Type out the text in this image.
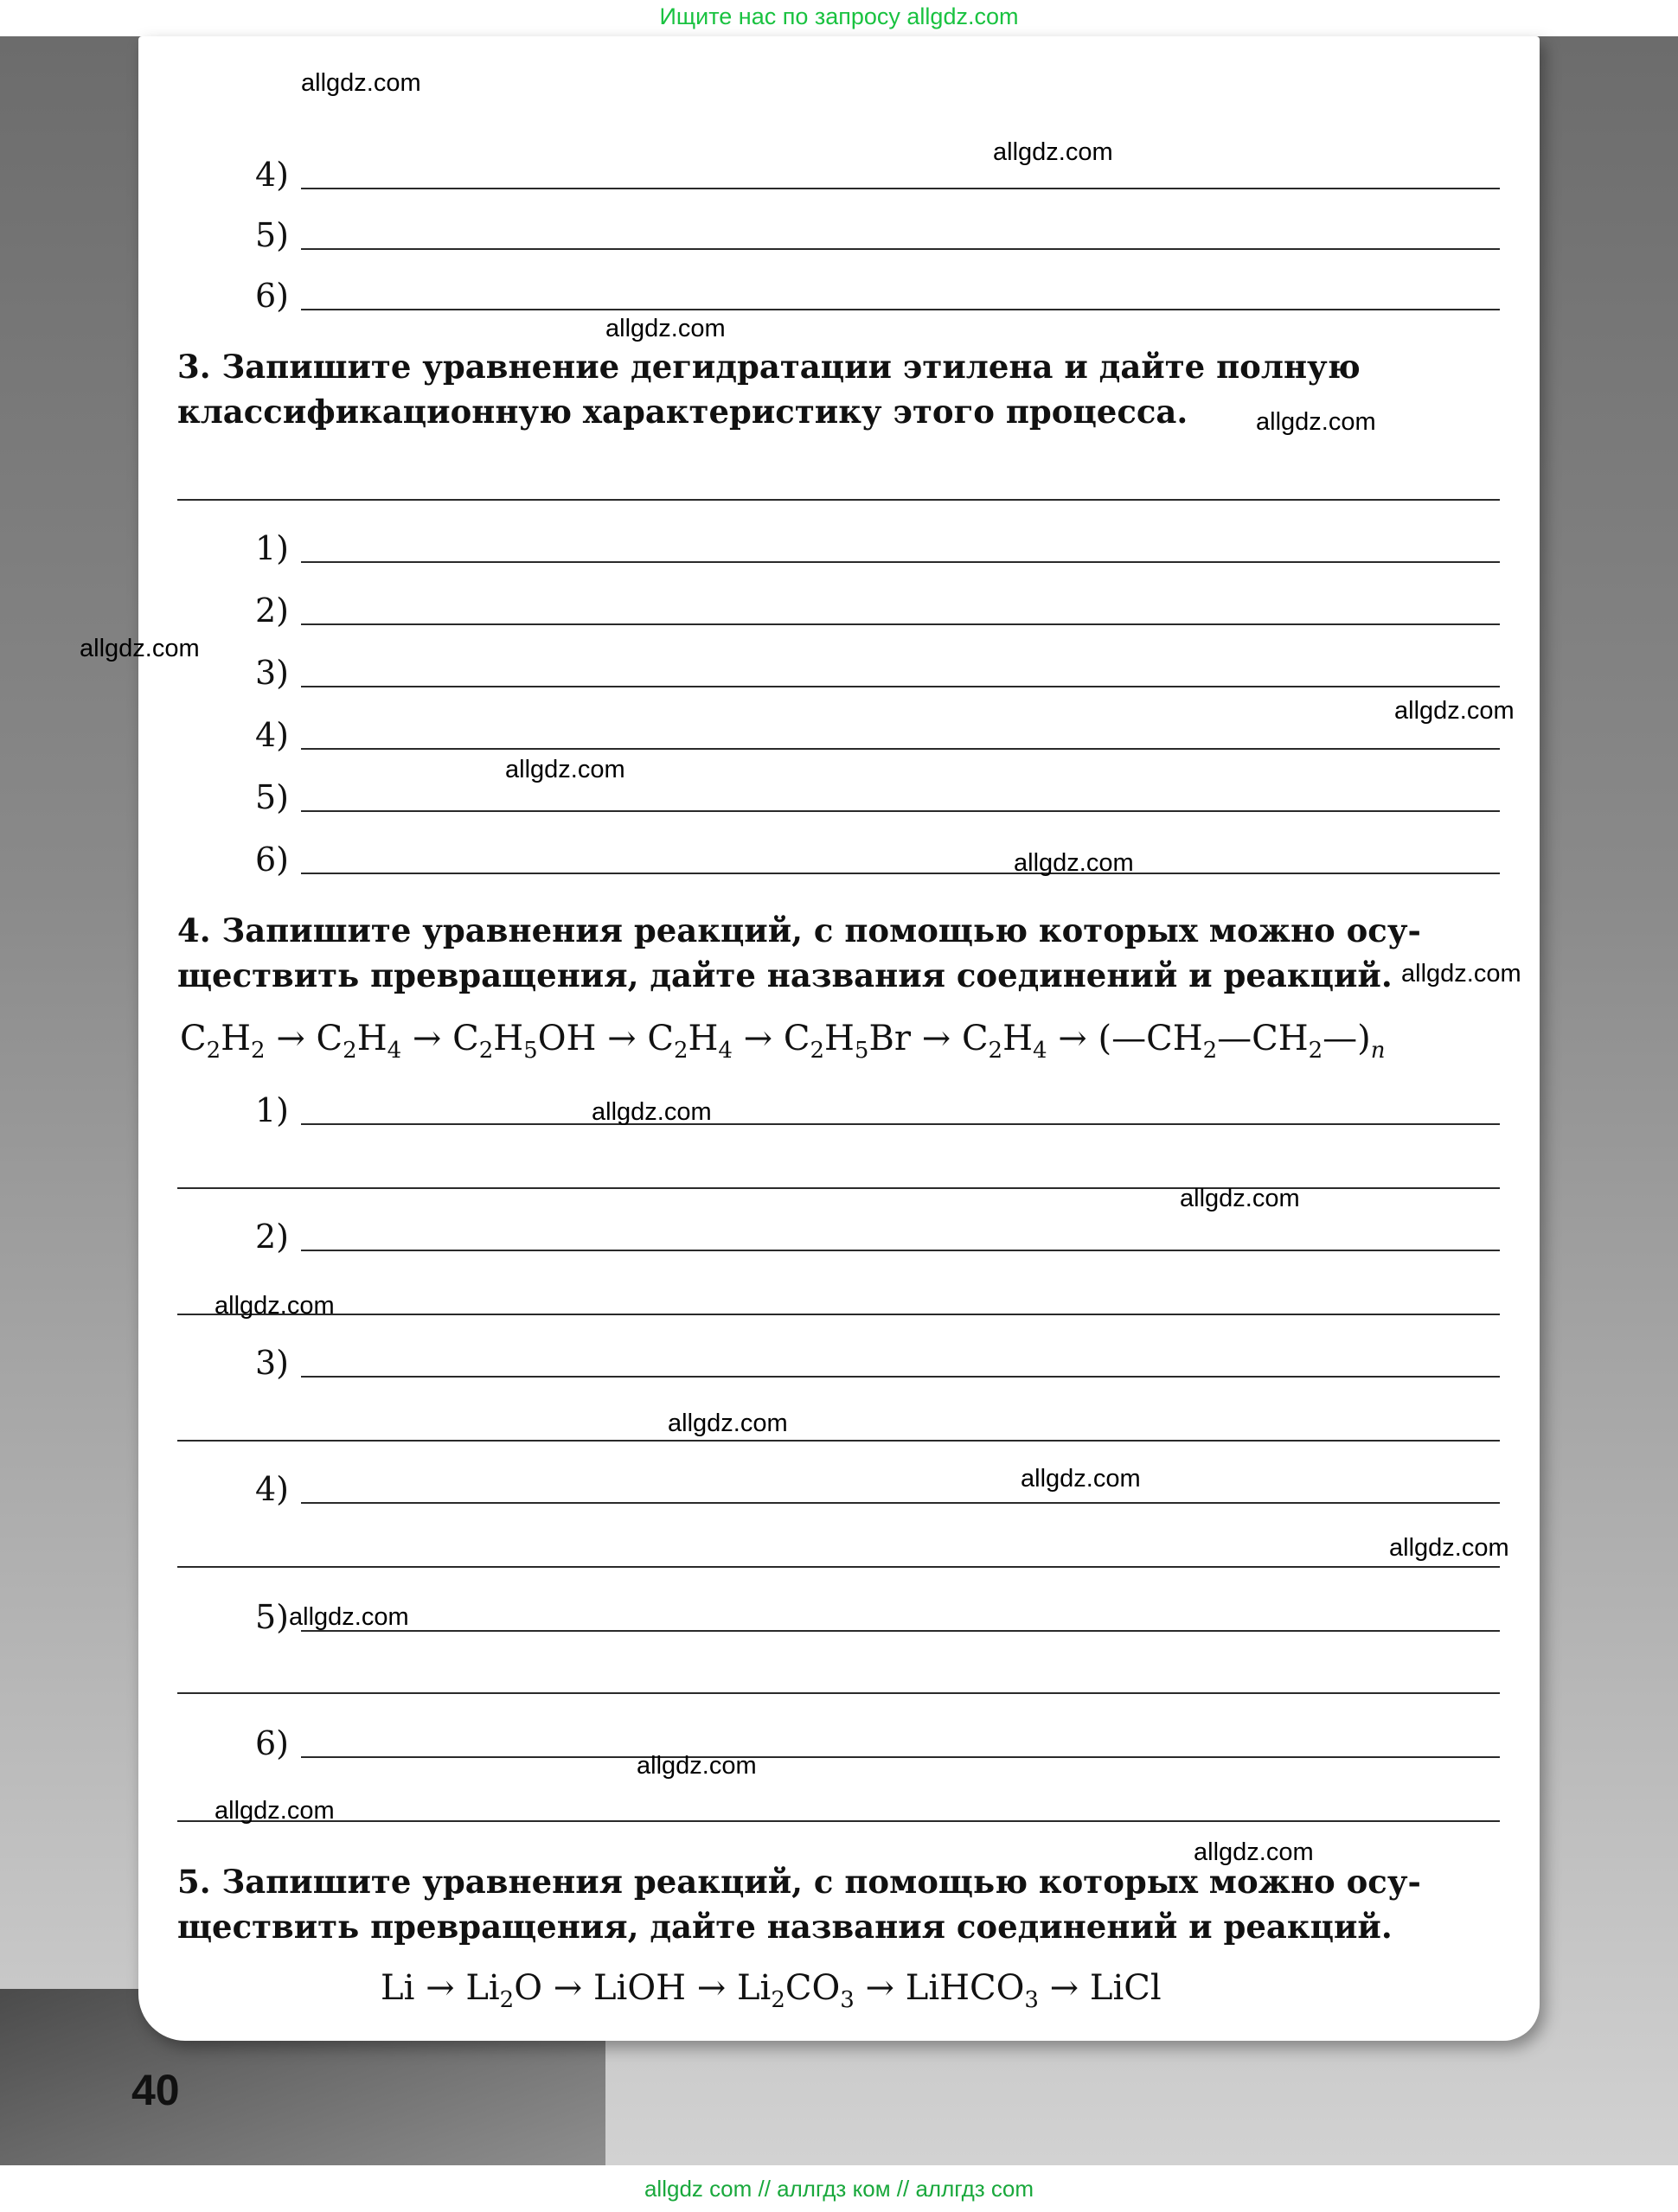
Ищите нас по запросу allgdz.com
4)
5)
6)
3. Запишите уравнение дегидратации этилена и дайте полную
классификационную характеристику этого процесса.
1)
2)
3)
4)
5)
6)
4. Запишите уравнения реакций, с помощью которых можно осу-
ществить превращения, дайте названия соединений и реакций.
$C_2H_2 \to C_2H_4 \to C_2H_5OH \to C_2H_4 \to C_2H_5Br \to C_2H_4$ → $(—CH_2—CH_2—)_n$
1)
2)
3)
4)
5)
6)
5. Запишите уравнения реакций, с помощью которых можно осу-
ществить превращения, дайте названия соединений и реакций.
$Li \to Li_2O$ → LiOH → $Li_2CO_3$ → LiHCO$_3$ → LiCl
40
allgdz.com
allgdz.com
allgdz.com
allgdz.com
allgdz.com
allgdz.com
allgdz.com
allgdz.com
allgdz.com
allgdz.com
allgdz.com
allgdz.com
allgdz.com
allgdz.com
allgdz.com
allgdz.com
allgdz.com
allgdz.com
allgdz.com
allgdz com // аллгдз ком // аллгдз com
